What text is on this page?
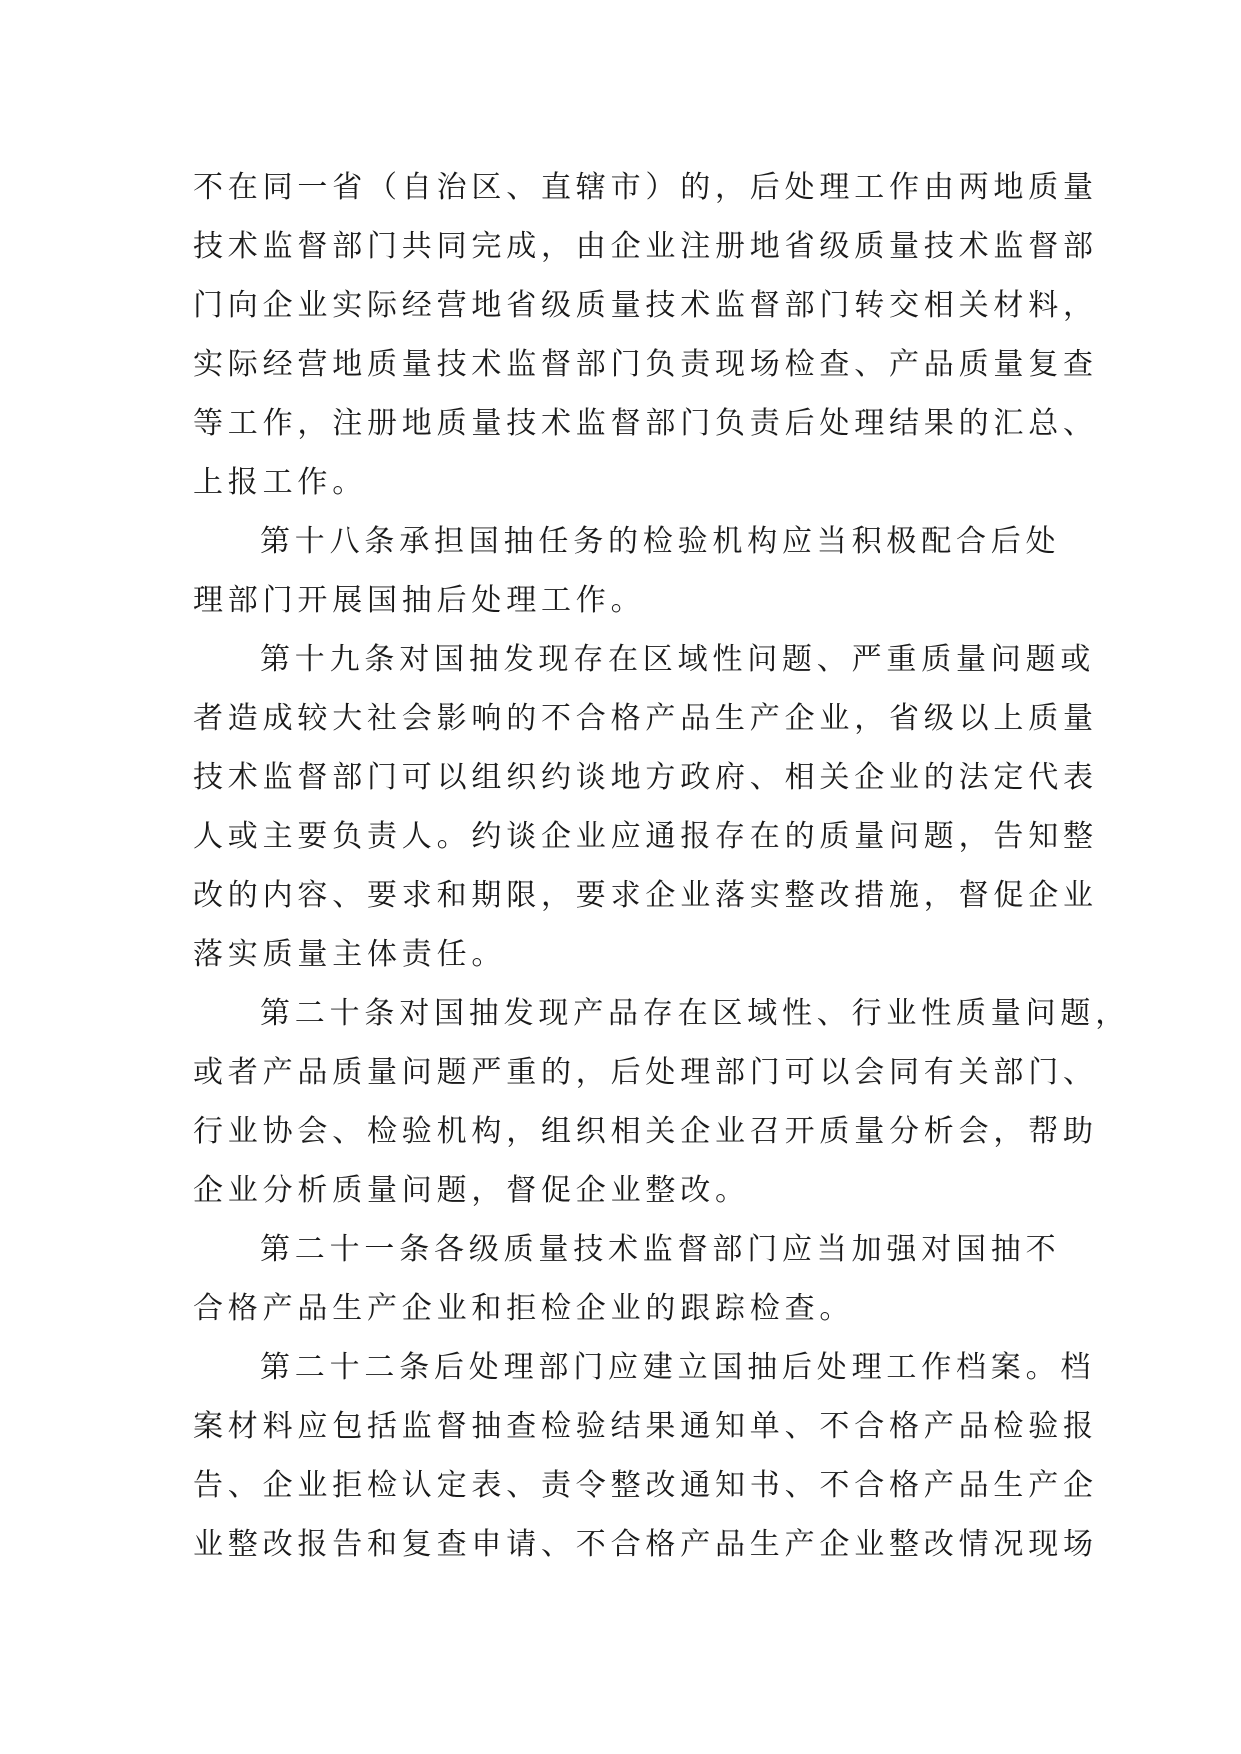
不在同一省（自治区、直辖市）的，后处理工作由两地质量
技术监督部门共同完成，由企业注册地省级质量技术监督部
门向企业实际经营地省级质量技术监督部门转交相关材料，
实际经营地质量技术监督部门负责现场检查、产品质量复查
等工作，注册地质量技术监督部门负责后处理结果的汇总、
上报工作。
第十八条承担国抽任务的检验机构应当积极配合后处
理部门开展国抽后处理工作。
第十九条对国抽发现存在区域性问题、严重质量问题或
者造成较大社会影响的不合格产品生产企业，省级以上质量
技术监督部门可以组织约谈地方政府、相关企业的法定代表
人或主要负责人。约谈企业应通报存在的质量问题，告知整
改的内容、要求和期限，要求企业落实整改措施，督促企业
落实质量主体责任。
第二十条对国抽发现产品存在区域性、行业性质量问题，
或者产品质量问题严重的，后处理部门可以会同有关部门、
行业协会、检验机构，组织相关企业召开质量分析会，帮助
企业分析质量问题，督促企业整改。
第二十一条各级质量技术监督部门应当加强对国抽不
合格产品生产企业和拒检企业的跟踪检查。
第二十二条后处理部门应建立国抽后处理工作档案。档
案材料应包括监督抽查检验结果通知单、不合格产品检验报
告、企业拒检认定表、责令整改通知书、不合格产品生产企
业整改报告和复查申请、不合格产品生产企业整改情况现场
